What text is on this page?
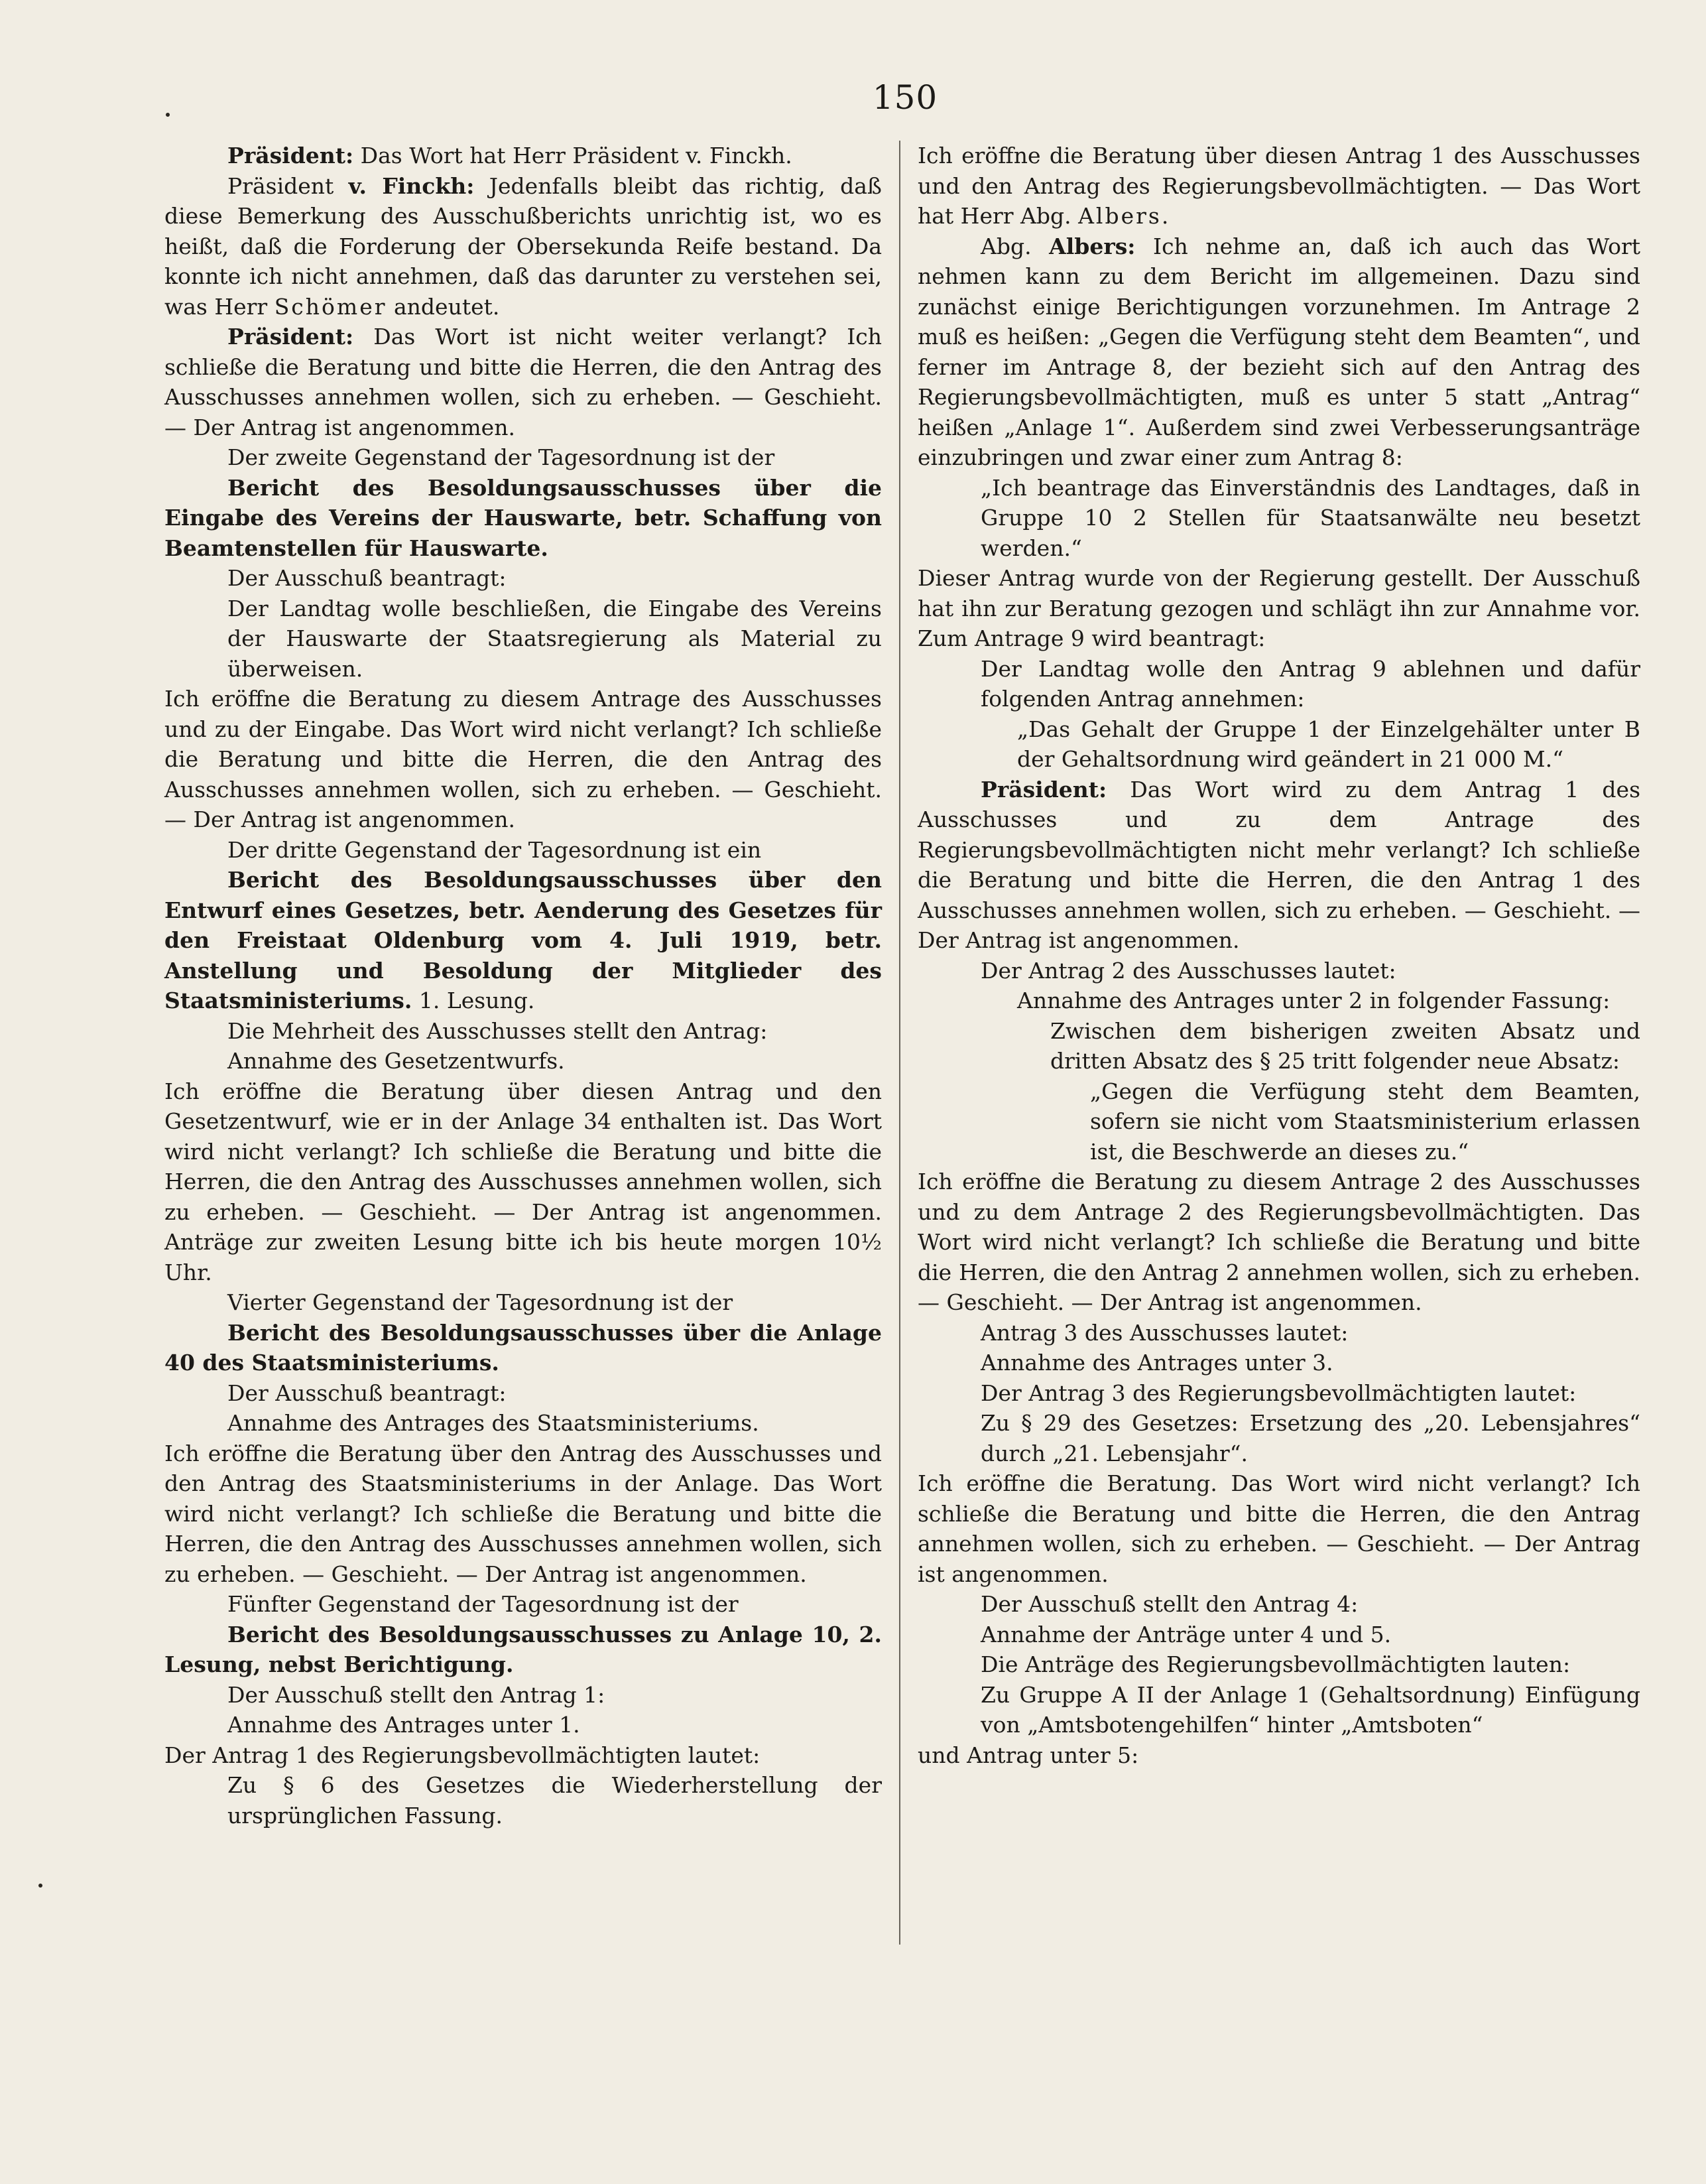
150

Präsident: Das Wort hat Herr Präsident v. Finckh.

Präsident v. Finckh: Jedenfalls bleibt das richtig, daß diese Bemerkung des Ausschußberichts unrichtig ist, wo es heißt, daß die Forderung der Obersekunda Reife bestand. Da konnte ich nicht annehmen, daß das darunter zu verstehen sei, was Herr Schömer andeutet.

Präsident: Das Wort ist nicht weiter verlangt? Ich schließe die Beratung und bitte die Herren, die den Antrag des Ausschusses annehmen wollen, sich zu erheben. — Geschieht. — Der Antrag ist angenommen.

Der zweite Gegenstand der Tagesordnung ist der

Bericht des Besoldungsausschusses über die Eingabe des Vereins der Hauswarte, betr. Schaffung von Beamtenstellen für Hauswarte.

Der Ausschuß beantragt:

Der Landtag wolle beschließen, die Eingabe des Vereins der Hauswarte der Staatsregierung als Material zu überweisen.

Ich eröffne die Beratung zu diesem Antrage des Ausschusses und zu der Eingabe. Das Wort wird nicht verlangt? Ich schließe die Beratung und bitte die Herren, die den Antrag des Ausschusses annehmen wollen, sich zu erheben. — Geschieht. — Der Antrag ist angenommen.

Der dritte Gegenstand der Tagesordnung ist ein

Bericht des Besoldungsausschusses über den Entwurf eines Gesetzes, betr. Aenderung des Gesetzes für den Freistaat Oldenburg vom 4. Juli 1919, betr. Anstellung und Besoldung der Mitglieder des Staatsministeriums. 1. Lesung.

Die Mehrheit des Ausschusses stellt den Antrag:

Annahme des Gesetzentwurfs.

Ich eröffne die Beratung über diesen Antrag und den Gesetzentwurf, wie er in der Anlage 34 enthalten ist. Das Wort wird nicht verlangt? Ich schließe die Beratung und bitte die Herren, die den Antrag des Ausschusses annehmen wollen, sich zu erheben. — Geschieht. — Der Antrag ist angenommen. Anträge zur zweiten Lesung bitte ich bis heute morgen 10½ Uhr.

Vierter Gegenstand der Tagesordnung ist der

Bericht des Besoldungsausschusses über die Anlage 40 des Staatsministeriums.

Der Ausschuß beantragt:

Annahme des Antrages des Staatsministeriums.

Ich eröffne die Beratung über den Antrag des Ausschusses und den Antrag des Staatsministeriums in der Anlage. Das Wort wird nicht verlangt? Ich schließe die Beratung und bitte die Herren, die den Antrag des Ausschusses annehmen wollen, sich zu erheben. — Geschieht. — Der Antrag ist angenommen.

Fünfter Gegenstand der Tagesordnung ist der

Bericht des Besoldungsausschusses zu Anlage 10, 2. Lesung, nebst Berichtigung.

Der Ausschuß stellt den Antrag 1:

Annahme des Antrages unter 1.

Der Antrag 1 des Regierungsbevollmächtigten lautet:

Zu § 6 des Gesetzes die Wiederherstellung der ursprünglichen Fassung.

Ich eröffne die Beratung über diesen Antrag 1 des Ausschusses und den Antrag des Regierungsbevollmächtigten. — Das Wort hat Herr Abg. Albers.

Abg. Albers: Ich nehme an, daß ich auch das Wort nehmen kann zu dem Bericht im allgemeinen. Dazu sind zunächst einige Berichtigungen vorzunehmen. Im Antrage 2 muß es heißen: „Gegen die Verfügung steht dem Beamten“, und ferner im Antrage 8, der bezieht sich auf den Antrag des Regierungsbevollmächtigten, muß es unter 5 statt „Antrag“ heißen „Anlage 1“. Außerdem sind zwei Verbesserungsanträge einzubringen und zwar einer zum Antrag 8:

„Ich beantrage das Einverständnis des Landtages, daß in Gruppe 10 2 Stellen für Staatsanwälte neu besetzt werden.“

Dieser Antrag wurde von der Regierung gestellt. Der Ausschuß hat ihn zur Beratung gezogen und schlägt ihn zur Annahme vor. Zum Antrage 9 wird beantragt:

Der Landtag wolle den Antrag 9 ablehnen und dafür folgenden Antrag annehmen:

„Das Gehalt der Gruppe 1 der Einzelgehälter unter B der Gehaltsordnung wird geändert in 21 000 M.“

Präsident: Das Wort wird zu dem Antrag 1 des Ausschusses und zu dem Antrage des Regierungsbevollmächtigten nicht mehr verlangt? Ich schließe die Beratung und bitte die Herren, die den Antrag 1 des Ausschusses annehmen wollen, sich zu erheben. — Geschieht. — Der Antrag ist angenommen.

Der Antrag 2 des Ausschusses lautet:

Annahme des Antrages unter 2 in folgender Fassung:

Zwischen dem bisherigen zweiten Absatz und dritten Absatz des § 25 tritt folgender neue Absatz:

„Gegen die Verfügung steht dem Beamten, sofern sie nicht vom Staatsministerium erlassen ist, die Beschwerde an dieses zu.“

Ich eröffne die Beratung zu diesem Antrage 2 des Ausschusses und zu dem Antrage 2 des Regierungsbevollmächtigten. Das Wort wird nicht verlangt? Ich schließe die Beratung und bitte die Herren, die den Antrag 2 annehmen wollen, sich zu erheben. — Geschieht. — Der Antrag ist angenommen.

Antrag 3 des Ausschusses lautet:

Annahme des Antrages unter 3.

Der Antrag 3 des Regierungsbevollmächtigten lautet:

Zu § 29 des Gesetzes: Ersetzung des „20. Lebensjahres“ durch „21. Lebensjahr“.

Ich eröffne die Beratung. Das Wort wird nicht verlangt? Ich schließe die Beratung und bitte die Herren, die den Antrag annehmen wollen, sich zu erheben. — Geschieht. — Der Antrag ist angenommen.

Der Ausschuß stellt den Antrag 4:

Annahme der Anträge unter 4 und 5.

Die Anträge des Regierungsbevollmächtigten lauten:

Zu Gruppe A II der Anlage 1 (Gehaltsordnung) Einfügung von „Amtsbotengehilfen“ hinter „Amtsboten“

und Antrag unter 5:
